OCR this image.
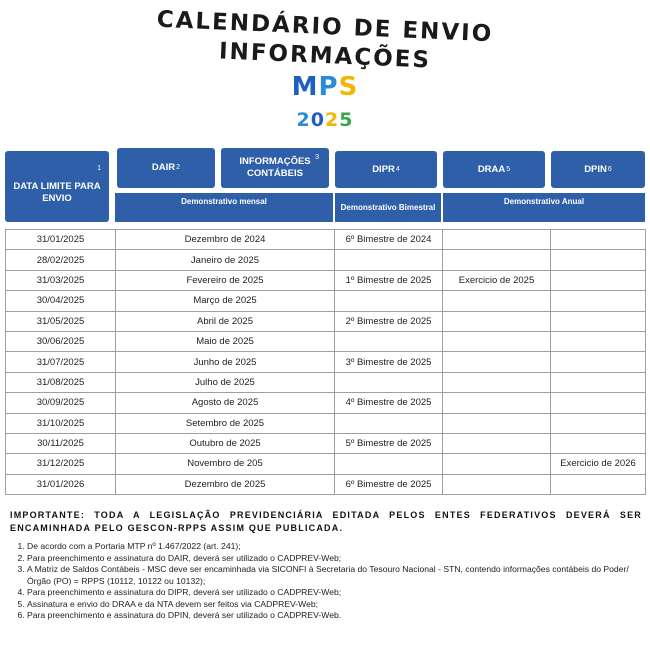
CALENDÁRIO DE ENVIO
INFORMAÇÕES
MPS
2025
DATA LIMITE PARA ENVIO
1	DAIR 2
INFORMAÇÕES CONTÁBEIS
$^3$
DIPR 4	DRAA 5	DPIN 6
Demonstrativo mensal
Demonstrativo Bimestral
Demonstrativo Anual
31/01/2025	Dezembro de 2024	6º Bimestre de 2024		
28/02/2025	Janeiro de 2025			
31/03/2025	Fevereiro de 2025	1º Bimestre de 2025	Exercicio de 2025	
30/04/2025	Março de 2025			
31/05/2025	Abril de 2025	2º Bimestre de 2025		
30/06/2025	Maio de 2025			
31/07/2025	Junho de 2025	3º Bimestre de 2025		
31/08/2025	Julho de 2025			
30/09/2025	Agosto de 2025	4º Bimestre de 2025		
31/10/2025	Setembro de 2025			
30/11/2025	Outubro de 2025	5º Bimestre de 2025		
31/12/2025	Novembro de 205			Exercicio de 2026
31/01/2026	Dezembro de 2025	6º Bimestre de 2025		
IMPORTANTE: TODA A LEGISLAÇÃO PREVIDENCIÁRIA EDITADA PELOS ENTES FEDERATIVOS DEVERÁ SER ENCAMINHADA PELO GESCON-RPPS ASSIM QUE PUBLICADA.
1. De acordo com a Portaria MTP nº 1.467/2022 (art. 241);
2. Para preenchimento e assinatura do DAIR, deverá ser utilizado o CADPREV-Web;
3. A Matriz de Saldos Contábeis - MSC deve ser encaminhada via SICONFI à Secretaria do Tesouro Nacional - STN, contendo informações contábeis do Poder/Órgão (PO) = RPPS (10112, 10122 ou 10132);
4. Para preenchimento e assinatura do DIPR, deverá ser utilizado o CADPREV-Web;
5. Assinatura e envio do DRAA e da NTA devem ser feitos via CADPREV-Web;
6. Para preenchimento e assinatura do DPIN, deverá ser utilizado o CADPREV-Web.
